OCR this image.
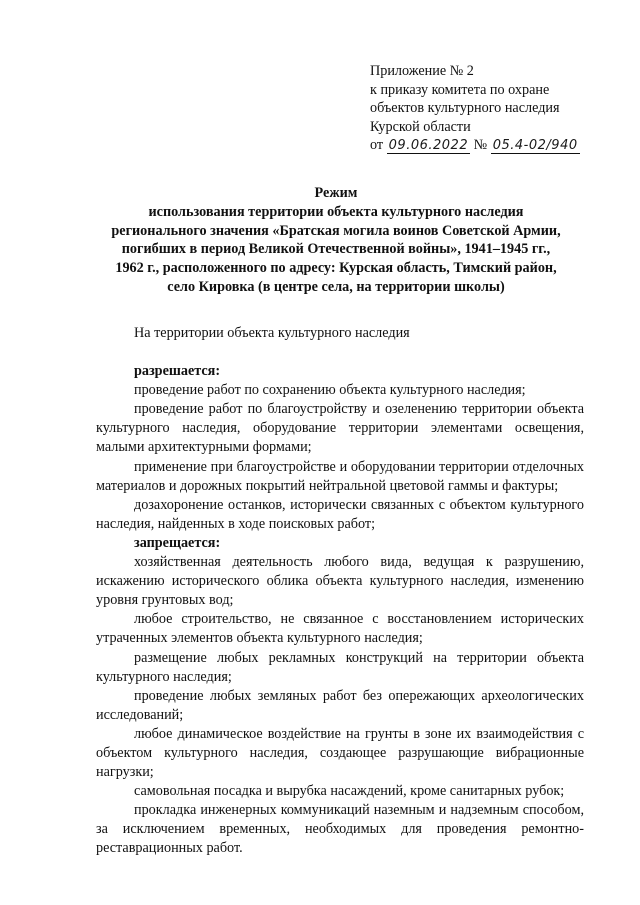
Приложение № 2
к приказу комитета по охране
объектов культурного наследия
Курской области
от 09.06.2022 № 05.4-02/940
Режим
использования территории объекта культурного наследия
регионального значения «Братская могила воинов Советской Армии,
погибших в период Великой Отечественной войны», 1941–1945 гг.,
1962 г., расположенного по адресу: Курская область, Тимский район,
село Кировка (в центре села, на территории школы)
На территории объекта культурного наследия
разрешается:
проведение работ по сохранению объекта культурного наследия;
проведение работ по благоустройству и озеленению территории объекта культурного наследия, оборудование территории элементами освещения, малыми архитектурными формами;
применение при благоустройстве и оборудовании территории отделочных материалов и дорожных покрытий нейтральной цветовой гаммы и фактуры;
дозахоронение останков, исторически связанных с объектом культурного наследия, найденных в ходе поисковых работ;
запрещается:
хозяйственная деятельность любого вида, ведущая к разрушению, искажению исторического облика объекта культурного наследия, изменению уровня грунтовых вод;
любое строительство, не связанное с восстановлением исторических утраченных элементов объекта культурного наследия;
размещение любых рекламных конструкций на территории объекта культурного наследия;
проведение любых земляных работ без опережающих археологических исследований;
любое динамическое воздействие на грунты в зоне их взаимодействия с объектом культурного наследия, создающее разрушающие вибрационные нагрузки;
самовольная посадка и вырубка насаждений, кроме санитарных рубок;
прокладка инженерных коммуникаций наземным и надземным способом, за исключением временных, необходимых для проведения ремонтно-реставрационных работ.
